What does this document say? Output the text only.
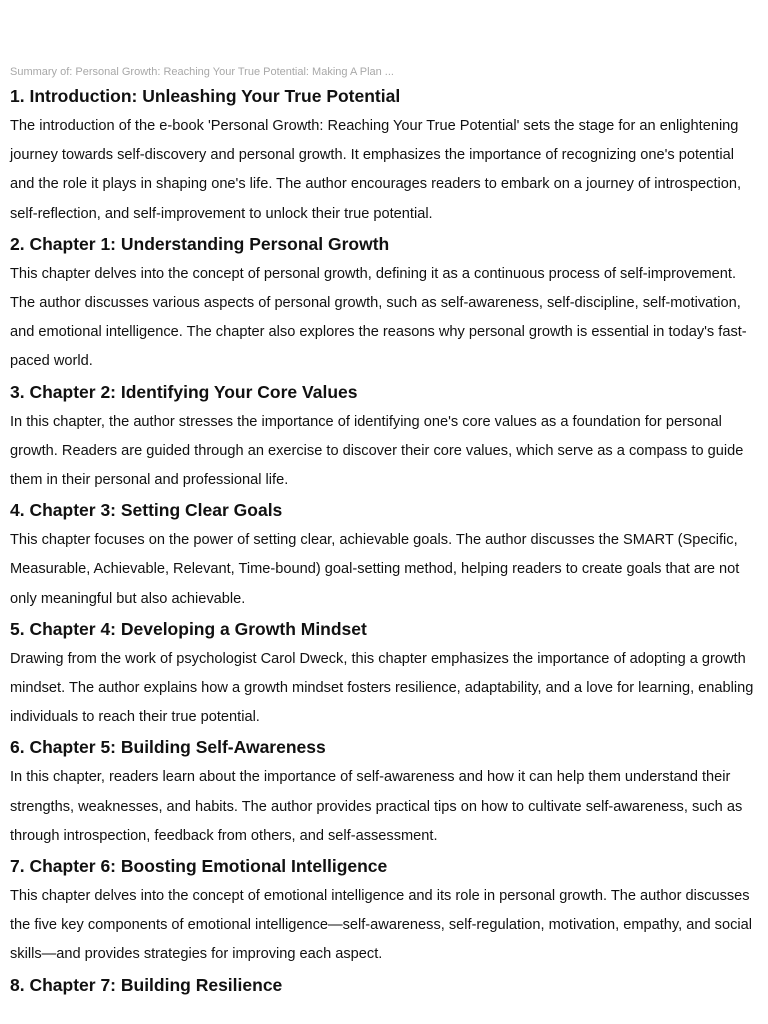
Summary of: Personal Growth: Reaching Your True Potential: Making A Plan ...
1. Introduction: Unleashing Your True Potential

The introduction of the e-book 'Personal Growth: Reaching Your True Potential' sets the stage for an enlightening journey towards self-discovery and personal growth. It emphasizes the importance of recognizing one's potential and the role it plays in shaping one's life. The author encourages readers to embark on a journey of introspection, self-reflection, and self-improvement to unlock their true potential.

2. Chapter 1: Understanding Personal Growth

This chapter delves into the concept of personal growth, defining it as a continuous process of self-improvement. The author discusses various aspects of personal growth, such as self-awareness, self-discipline, self-motivation, and emotional intelligence. The chapter also explores the reasons why personal growth is essential in today's fast-paced world.

3. Chapter 2: Identifying Your Core Values

In this chapter, the author stresses the importance of identifying one's core values as a foundation for personal growth. Readers are guided through an exercise to discover their core values, which serve as a compass to guide them in their personal and professional life.

4. Chapter 3: Setting Clear Goals

This chapter focuses on the power of setting clear, achievable goals. The author discusses the SMART (Specific, Measurable, Achievable, Relevant, Time-bound) goal-setting method, helping readers to create goals that are not only meaningful but also achievable.

5. Chapter 4: Developing a Growth Mindset

Drawing from the work of psychologist Carol Dweck, this chapter emphasizes the importance of adopting a growth mindset. The author explains how a growth mindset fosters resilience, adaptability, and a love for learning, enabling individuals to reach their true potential.

6. Chapter 5: Building Self-Awareness

In this chapter, readers learn about the importance of self-awareness and how it can help them understand their strengths, weaknesses, and habits. The author provides practical tips on how to cultivate self-awareness, such as through introspection, feedback from others, and self-assessment.

7. Chapter 6: Boosting Emotional Intelligence

This chapter delves into the concept of emotional intelligence and its role in personal growth. The author discusses the five key components of emotional intelligence—self-awareness, self-regulation, motivation, empathy, and social skills—and provides strategies for improving each aspect.

8. Chapter 7: Building Resilience
